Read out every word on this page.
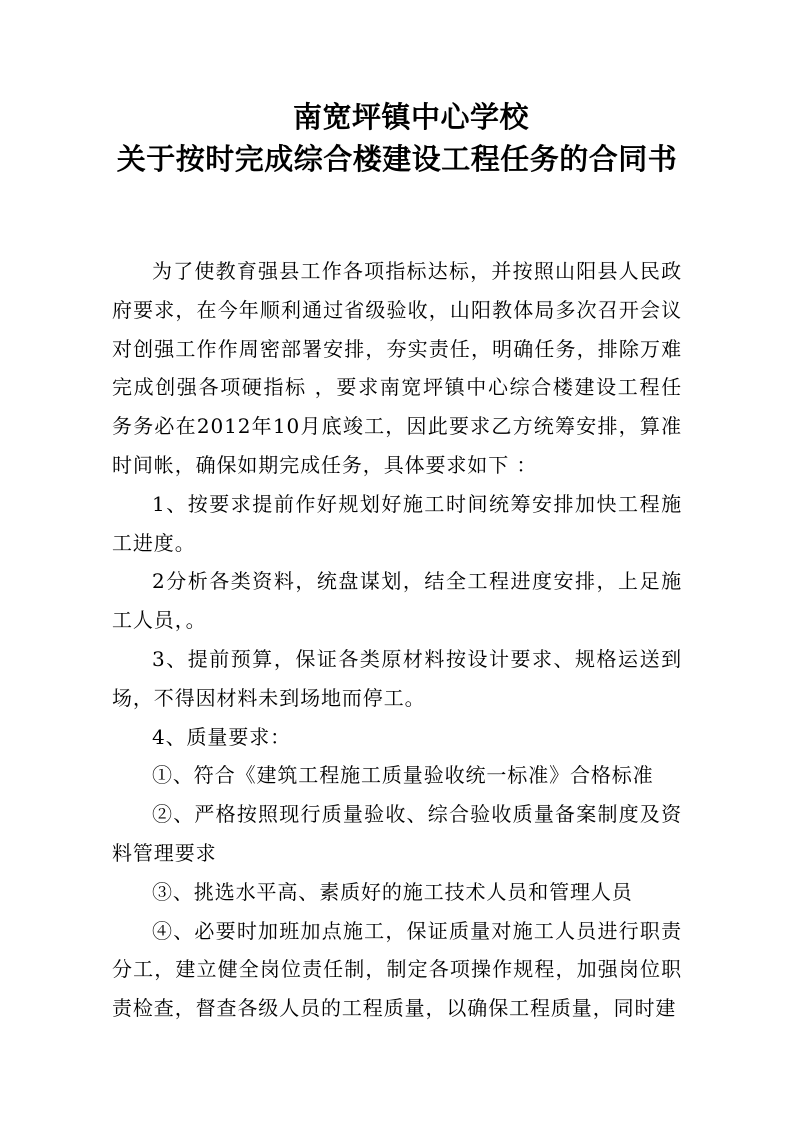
南宽坪镇中心学校
关于按时完成综合楼建设工程任务的合同书

为了使教育强县工作各项指标达标，并按照山阳县人民政府要求，在今年顺利通过省级验收，山阳教体局多次召开会议对创强工作作周密部署安排，夯实责任，明确任务，排除万难完成创强各项硬指标 ，要求南宽坪镇中心综合楼建设工程任务务必在2012年10月底竣工，因此要求乙方统筹安排，算准时间帐，确保如期完成任务，具体要求如下 ：

1、按要求提前作好规划好施工时间统筹安排加快工程施工进度。

2分析各类资料，统盘谋划，结全工程进度安排，上足施工人员，。

3、提前预算，保证各类原材料按设计要求、规格运送到场，不得因材料未到场地而停工。

4、质量要求：

①、符合《建筑工程施工质量验收统一标准》合格标准

②、严格按照现行质量验收、综合验收质量备案制度及资料管理要求

③、挑选水平高、素质好的施工技术人员和管理人员

④、必要时加班加点施工，保证质量对施工人员进行职责分工，建立健全岗位责任制，制定各项操作规程，加强岗位职责检查，督查各级人员的工程质量，以确保工程质量，同时建
